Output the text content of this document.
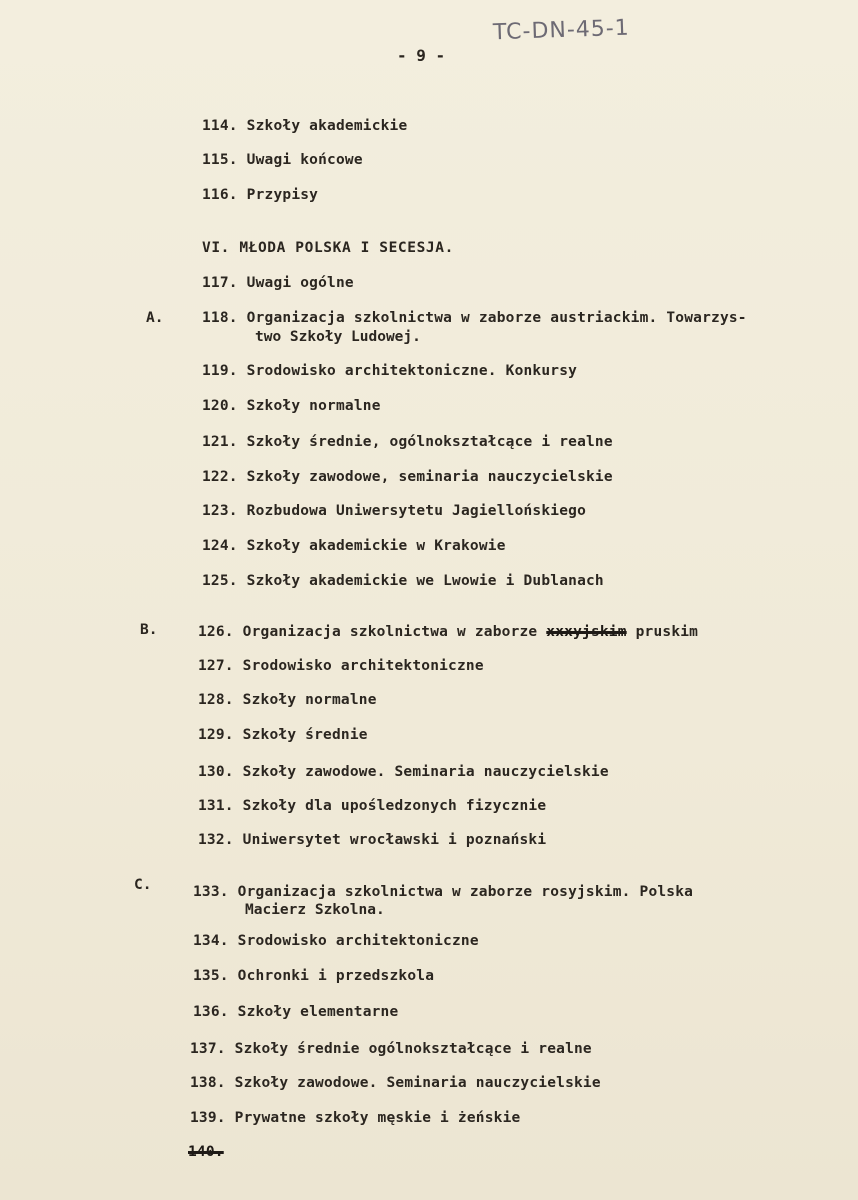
TC-DN-45-1
- 9 -
114. Szkoły akademickie
115. Uwagi końcowe
116. Przypisy
VI. MŁODA POLSKA I SECESJA.
117. Uwagi ogólne
A.	118. Organizacja szkolnictwa w zaborze austriackim. Towarzys-
two Szkoły Ludowej.
119. Srodowisko architektoniczne. Konkursy
120. Szkoły normalne
121. Szkoły średnie, ogólnokształcące i realne
122. Szkoły zawodowe, seminaria nauczycielskie
123. Rozbudowa Uniwersytetu Jagiellońskiego
124. Szkoły akademickie w Krakowie
125. Szkoły akademickie we Lwowie i Dublanach
B.	126. Organizacja szkolnictwa w zaborze xxxyjskim pruskim
127. Srodowisko architektoniczne
128. Szkoły normalne
129. Szkoły średnie
130. Szkoły zawodowe. Seminaria nauczycielskie
131. Szkoły dla upośledzonych fizycznie
132. Uniwersytet wrocławski i poznański
C.	133. Organizacja szkolnictwa w zaborze rosyjskim. Polska
Macierz Szkolna.
134. Srodowisko architektoniczne
135. Ochronki i przedszkola
136. Szkoły elementarne
137. Szkoły średnie ogólnokształcące i realne
138. Szkoły zawodowe. Seminaria nauczycielskie
139. Prywatne szkoły męskie i żeńskie
140.
